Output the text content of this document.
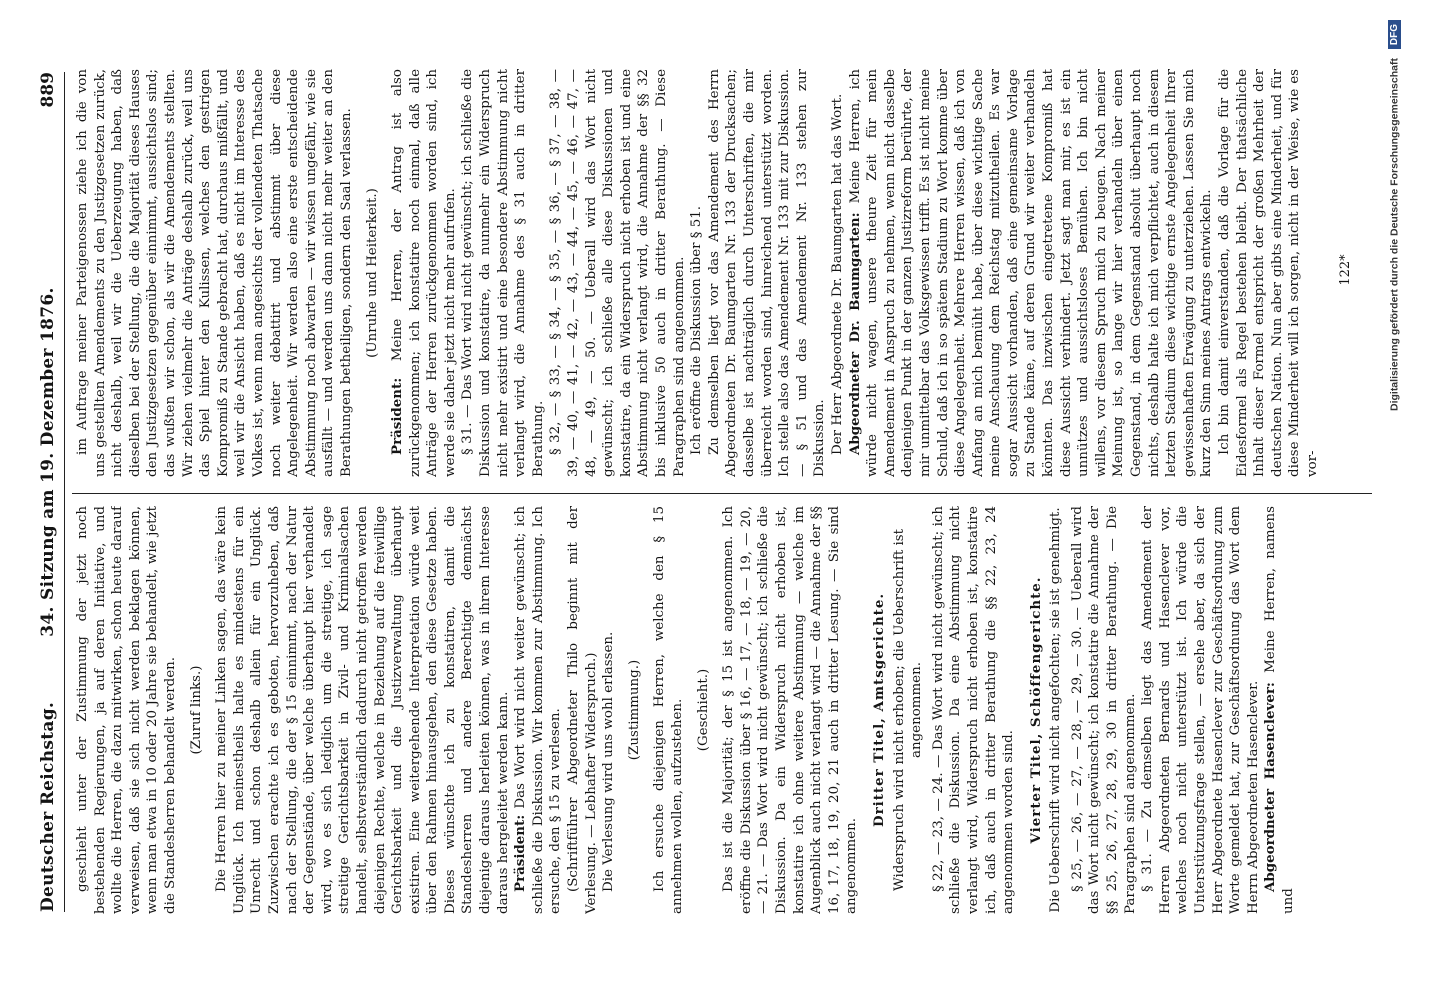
Deutscher Reichstag.
34. Sitzung am 19. Dezember 1876.
889

geschieht unter der Zustimmung der jetzt noch bestehenden Regierungen, ja auf deren Initiative, und wollte die Herren, die dazu mitwirken, schon heute darauf verweisen, daß sie sich nicht werden beklagen können, wenn man etwa in 10 oder 20 Jahre sie behandelt, wie jetzt die Standesherren behandelt werden. (Zuruf links.) Die Herren hier zu meiner Linken sagen, das wäre kein Unglück. Ich meinestheils halte es mindestens für ein Unrecht und schon deshalb allein für ein Unglück. Zuzwischen erachte ich es geboten, hervorzuheben, daß nach der Stellung, die der § 15 einnimmt, nach der Natur der Gegenstände, über welche überhaupt hier verhandelt wird, wo es sich lediglich um die streitige, ich sage streitige Gerichtsbarkeit in Zivil- und Kriminalsachen handelt, selbstverständlich dadurch nicht getroffen werden diejenigen Rechte, welche in Beziehung auf die freiwillige Gerichtsbarkeit und die Justizverwaltung überhaupt existiren. Eine weitergehende Interpretation würde weit über den Rahmen hinausgehen, den diese Gesetze haben. Dieses wünschte ich zu konstatiren, damit die Standesherren und andere Berechtigte demnächst diejenige daraus herleiten können, was in ihrem Interesse daraus hergeleitet werden kann. Präsident: Das Wort wird nicht weiter gewünscht; ich schließe die Diskussion. Wir kommen zur Abstimmung. Ich ersuche, den § 15 zu verlesen. (Schriftführer Abgeordneter Thilo beginnt mit der Verlesung. — Lebhafter Widerspruch.) Die Verlesung wird uns wohl erlassen. (Zustimmung.) Ich ersuche diejenigen Herren, welche den § 15 annehmen wollen, aufzustehen. (Geschieht.) Das ist die Majorität; der § 15 ist angenommen. Ich eröffne die Diskussion über § 16, — 17, — 18, — 19, — 20, — 21. — Das Wort wird nicht gewünscht; ich schließe die Diskussion. Da ein Widerspruch nicht erhoben ist, konstatire ich ohne weitere Abstimmung — welche im Augenblick auch nicht verlangt wird — die Annahme der §§ 16, 17, 18, 19, 20, 21 auch in dritter Lesung. — Sie sind angenommen.

Dritter Titel, Amtsgerichte. Widerspruch wird nicht erhoben; die Ueberschrift ist angenommen. § 22, — 23, — 24. — Das Wort wird nicht gewünscht; ich schließe die Diskussion. Da eine Abstimmung nicht verlangt wird, Widerspruch nicht erhoben ist, konstatire ich, daß auch in dritter Berathung die §§ 22, 23, 24 angenommen worden sind. Vierter Titel, Schöffengerichte. Die Ueberschrift wird nicht angefochten; sie ist genehmigt. § 25, — 26, — 27, — 28, — 29, — 30. — Ueberall wird das Wort nicht gewünscht; ich konstatire die Annahme der §§ 25, 26, 27, 28, 29, 30 in dritter Berathung. — Die Paragraphen sind angenommen. § 31. — Zu demselben liegt das Amendement der Herren Abgeordneten Bernards und Hasenclever vor, welches noch nicht unterstützt ist. Ich würde die Unterstützungsfrage stellen, — ersehe aber, da sich der Herr Abgeordnete Hasenclever zur Geschäftsordnung zum Worte gemeldet hat, zur Geschäftsordnung das Wort dem Herrn Abgeordneten Hasenclever. Abgeordneter Hasenclever: Meine Herren, namens und

im Auftrage meiner Parteigenossen ziehe ich die von uns gestellten Amendements zu den Justizgesetzen zurück, nicht deshalb, weil wir die Ueberzeugung haben, daß dieselben bei der Stellung, die die Majorität dieses Hauses den Justizgesetzen gegenüber einnimmt, aussichtslos sind; das wußten wir schon, als wir die Amendements stellten. Wir ziehen vielmehr die Anträge deshalb zurück, weil uns das Spiel hinter den Kulissen, welches den gestrigen Kompromiß zu Stande gebracht hat, durchaus mißfällt, und weil wir die Ansicht haben, daß es nicht im Interesse des Volkes ist, wenn man angesichts der vollendeten Thatsache noch weiter debattirt und abstimmt über diese Angelegenheit. Wir werden also eine erste entscheidende Abstimmung noch abwarten — wir wissen ungefähr, wie sie ausfällt — und werden uns dann nicht mehr weiter an den Berathungen betheiligen, sondern den Saal verlassen. (Unruhe und Heiterkeit.)

Präsident: Meine Herren, der Antrag ist also zurückgenommen; ich konstatire noch einmal, daß alle Anträge der Herren zurückgenommen worden sind, ich werde sie daher jetzt nicht mehr aufrufen. § 31. — Das Wort wird nicht gewünscht; ich schließe die Diskussion und konstatire, da nunmehr ein Widerspruch nicht mehr existirt und eine besondere Abstimmung nicht verlangt wird, die Annahme des § 31 auch in dritter Berathung. § 32, — § 33, — § 34, — § 35, — § 36, — § 37, — 38, — 39, — 40, — 41, — 42, — 43, — 44, — 45, — 46, — 47, — 48, — 49, — 50. — Ueberall wird das Wort nicht gewünscht; ich schließe alle diese Diskussionen und konstatire, da ein Widerspruch nicht erhoben ist und eine Abstimmung nicht verlangt wird, die Annahme der §§ 32 bis inklusive 50 auch in dritter Berathung. — Diese Paragraphen sind angenommen. Ich eröffne die Diskussion über § 51. Zu demselben liegt vor das Amendement des Herrn Abgeordneten Dr. Baumgarten Nr. 133 der Drucksachen; dasselbe ist nachträglich durch Unterschriften, die mir überreicht worden sind, hinreichend unterstützt worden. Ich stelle also das Amendement Nr. 133 mit zur Diskussion. — § 51 und das Amendement Nr. 133 stehen zur Diskussion. Der Herr Abgeordnete Dr. Baumgarten hat das Wort. Abgeordneter Dr. Baumgarten: Meine Herren, ich würde nicht wagen, unsere theure Zeit für mein Amendement in Anspruch zu nehmen, wenn nicht dasselbe denjenigen Punkt in der ganzen Justizreform berührte, der mir unmittelbar das Volksgewissen trifft. Es ist nicht meine Schuld, daß ich in so spätem Stadium zu Wort komme über diese Angelegenheit. Mehrere Herren wissen, daß ich von Anfang an mich bemüht habe, über diese wichtige Sache meine Anschauung dem Reichstag mitzutheilen. Es war sogar Aussicht vorhanden, daß eine gemeinsame Vorlage zu Stande käme, auf deren Grund wir weiter verhandeln könnten. Das inzwischen eingetretene Kompromiß hat diese Aussicht verhindert. Jetzt sagt man mir, es ist ein unnützes und aussichtsloses Bemühen. Ich bin nicht willens, vor diesem Spruch mich zu beugen. Nach meiner Meinung ist, so lange wir hier verhandeln über einen Gegenstand, in dem Gegenstand absolut überhaupt noch nichts, deshalb halte ich mich verpflichtet, auch in diesem letzten Stadium diese wichtige ernste Angelegenheit Ihrer gewissenhaften Erwägung zu unterziehen. Lassen Sie mich kurz den Sinn meines Antrags entwickeln. Ich bin damit einverstanden, daß die Vorlage für die Eidesformel als Regel bestehen bleibt. Der thatsächliche Inhalt dieser Formel entspricht der großen Mehrheit der deutschen Nation. Nun aber gibts eine Minderheit, und für diese Minderheit will ich sorgen, nicht in der Weise, wie es vor-

122*	Digitalisierung gefördert durch die Deutsche Forschungsgemeinschaft DFG
